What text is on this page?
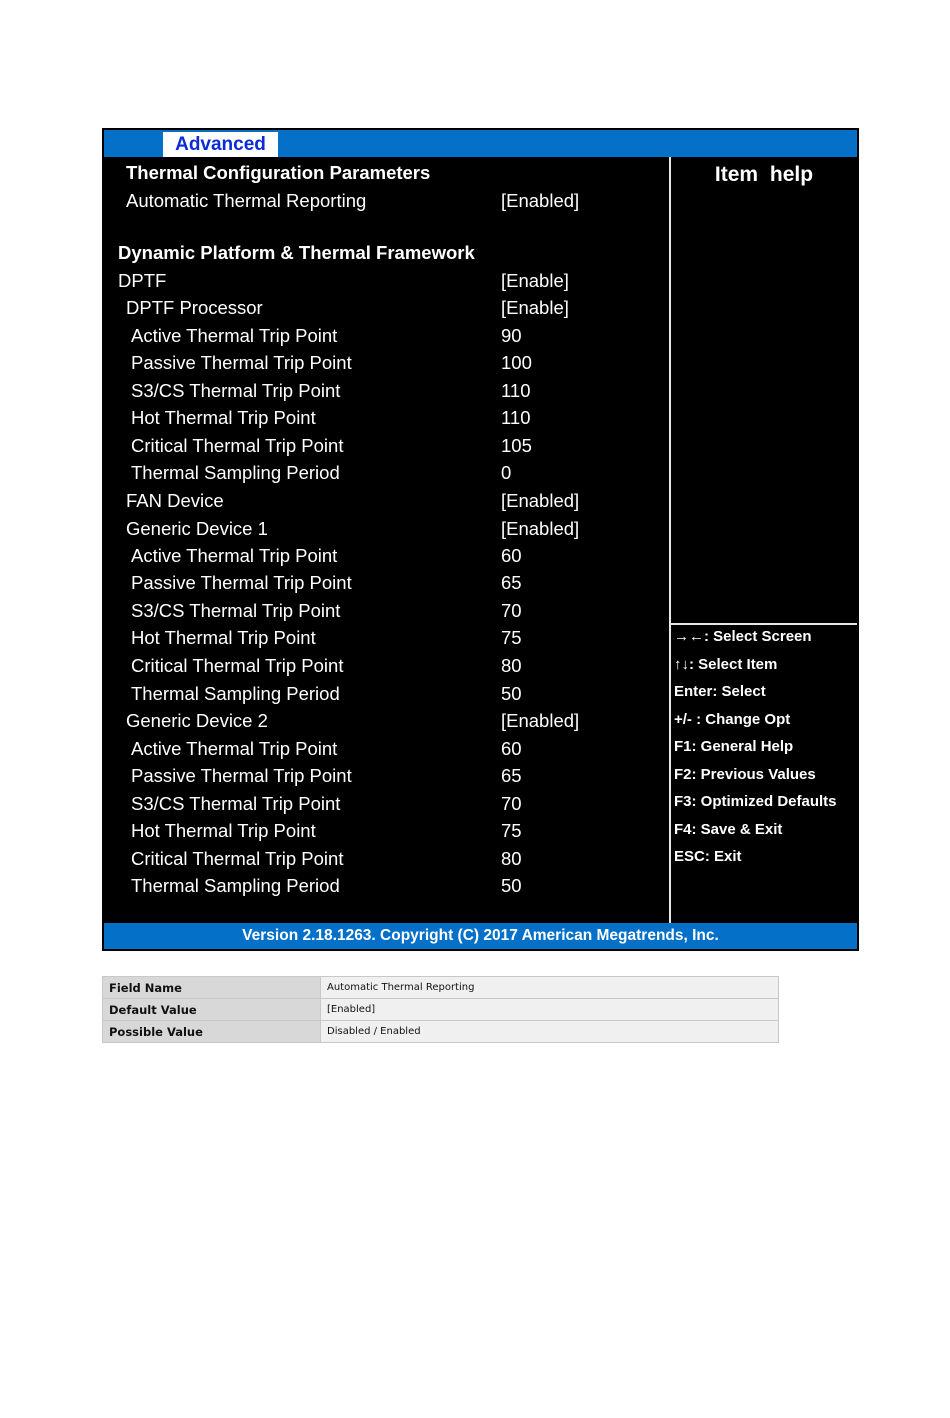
Advanced
Thermal Configuration Parameters
Automatic Thermal Reporting	[Enabled]
Dynamic Platform & Thermal Framework
DPTF	[Enable]
DPTF Processor	[Enable]
Active Thermal Trip Point	90
Passive Thermal Trip Point	100
S3/CS Thermal Trip Point	110
Hot Thermal Trip Point	110
Critical Thermal Trip Point	105
Thermal Sampling Period	0
FAN Device	[Enabled]
Generic Device 1	[Enabled]
Active Thermal Trip Point	60
Passive Thermal Trip Point	65
S3/CS Thermal Trip Point	70
Hot Thermal Trip Point	75
Critical Thermal Trip Point	80
Thermal Sampling Period	50
Generic Device 2	[Enabled]
Active Thermal Trip Point	60
Passive Thermal Trip Point	65
S3/CS Thermal Trip Point	70
Hot Thermal Trip Point	75
Critical Thermal Trip Point	80
Thermal Sampling Period	50
Item help
→←: Select Screen
↑↓: Select Item
Enter: Select
+/- : Change Opt
F1: General Help
F2: Previous Values
F3: Optimized Defaults
F4: Save & Exit
ESC: Exit
Version 2.18.1263. Copyright (C) 2017 American Megatrends, Inc.
Field Name	Automatic Thermal Reporting
Default Value	[Enabled]
Possible Value	Disabled / Enabled
